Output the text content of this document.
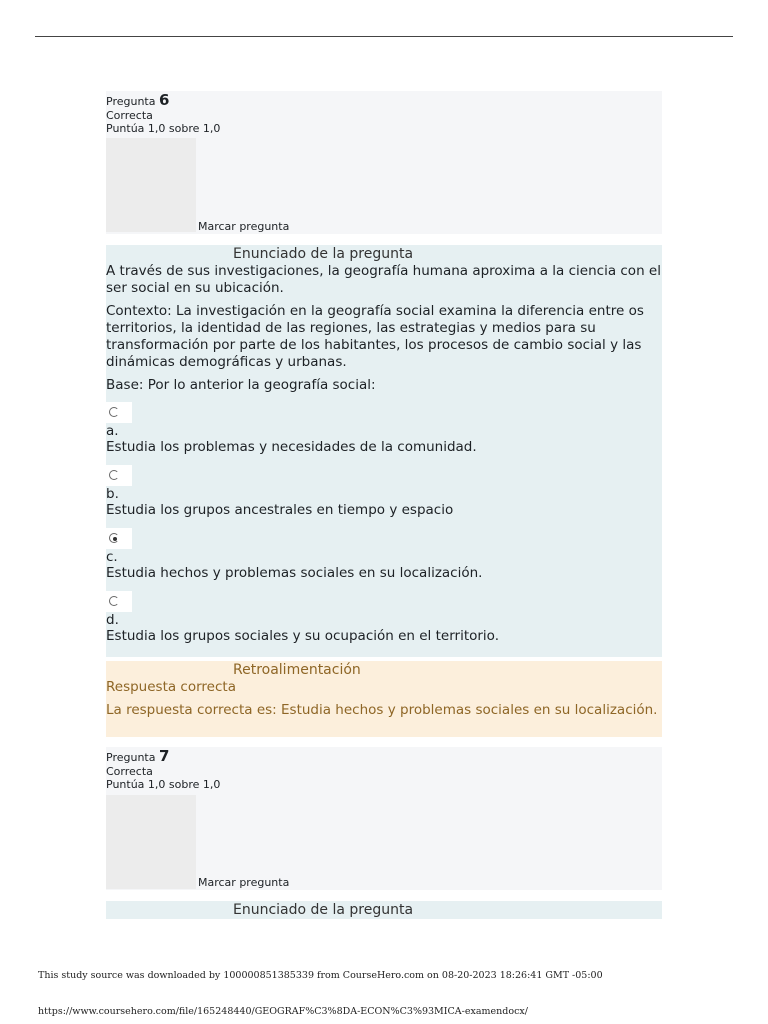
Pregunta 6
Correcta
Puntúa 1,0 sobre 1,0
Marcar pregunta
Enunciado de la pregunta

A través de sus investigaciones, la geografía humana aproxima a la ciencia con el ser social en su ubicación.

Contexto: La investigación en la geografía social examina la diferencia entre os territorios, la identidad de las regiones, las estrategias y medios para su transformación por parte de los habitantes, los procesos de cambio social y las dinámicas demográficas y urbanas.

Base: Por lo anterior la geografía social:

a.
Estudia los problemas y necesidades de la comunidad.
b.
Estudia los grupos ancestrales en tiempo y espacio
c.
Estudia hechos y problemas sociales en su localización.
d.
Estudia los grupos sociales y su ocupación en el territorio.
Retroalimentación

Respuesta correcta

La respuesta correcta es: Estudia hechos y problemas sociales en su localización.

Pregunta 7
Correcta
Puntúa 1,0 sobre 1,0
Marcar pregunta
Enunciado de la pregunta
This study source was downloaded by 100000851385339 from CourseHero.com on 08-20-2023 18:26:41 GMT -05:00
https://www.coursehero.com/file/165248440/GEOGRAF%C3%8DA-ECON%C3%93MICA-examendocx/
